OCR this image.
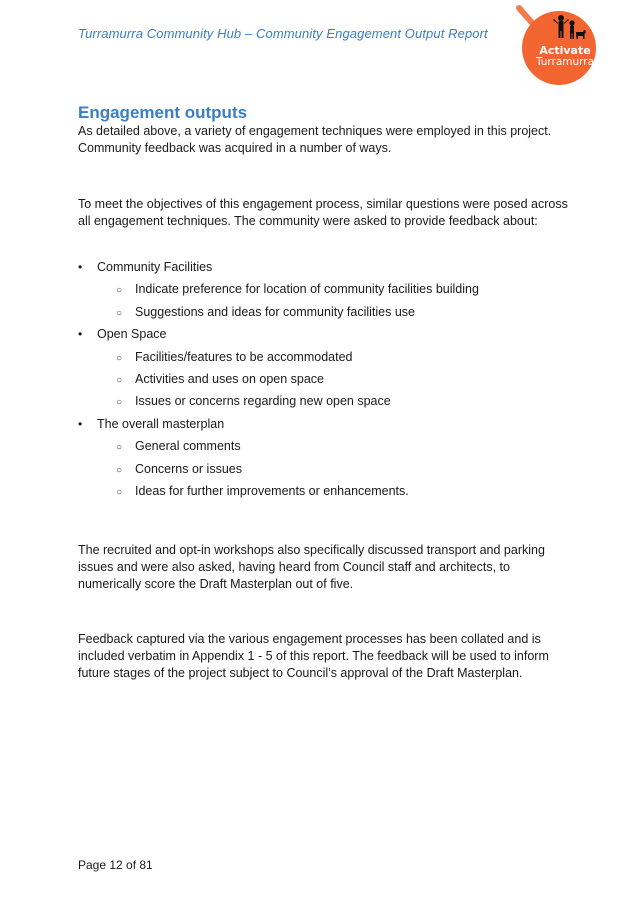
Turramurra Community Hub – Community Engagement Output Report
Activate
Turramurra
Engagement outputs
As detailed above, a variety of engagement techniques were employed in this project. Community feedback was acquired in a number of ways.
To meet the objectives of this engagement process, similar questions were posed across all engagement techniques. The community were asked to provide feedback about:
• Community Facilities
○ Indicate preference for location of community facilities building
○ Suggestions and ideas for community facilities use
• Open Space
○ Facilities/features to be accommodated
○ Activities and uses on open space
○ Issues or concerns regarding new open space
• The overall masterplan
○ General comments
○ Concerns or issues
○ Ideas for further improvements or enhancements.
The recruited and opt-in workshops also specifically discussed transport and parking issues and were also asked, having heard from Council staff and architects, to numerically score the Draft Masterplan out of five.
Feedback captured via the various engagement processes has been collated and is included verbatim in Appendix 1 - 5 of this report. The feedback will be used to inform future stages of the project subject to Council’s approval of the Draft Masterplan.
Page 12 of 81
